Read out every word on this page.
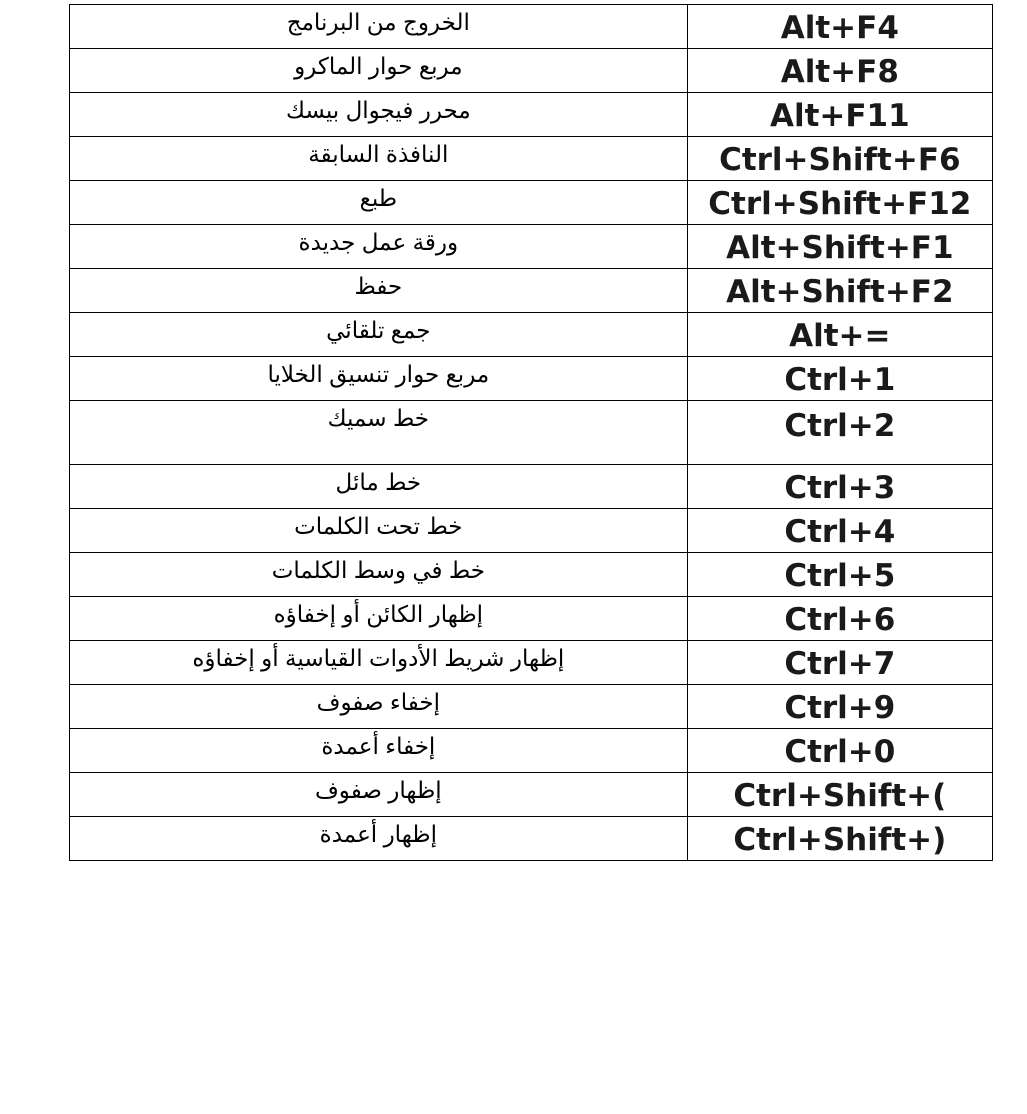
الخروج من البرنامج	Alt+F4
مربع حوار الماكرو	Alt+F8
محرر فيجوال بيسك	Alt+F11
النافذة السابقة	Ctrl+Shift+F6
طبع	Ctrl+Shift+F12
ورقة عمل جديدة	Alt+Shift+F1
حفظ	Alt+Shift+F2
جمع تلقائي	Alt+=
مربع حوار تنسيق الخلايا	Ctrl+1
خط سميك	Ctrl+2
خط مائل	Ctrl+3
خط تحت الكلمات	Ctrl+4
خط في وسط الكلمات	Ctrl+5
إظهار الكائن أو إخفاؤه	Ctrl+6
إظهار شريط الأدوات القياسية أو إخفاؤه	Ctrl+7
إخفاء صفوف	Ctrl+9
إخفاء أعمدة	Ctrl+0
إظهار صفوف	Ctrl+Shift+(
إظهار أعمدة	Ctrl+Shift+)
